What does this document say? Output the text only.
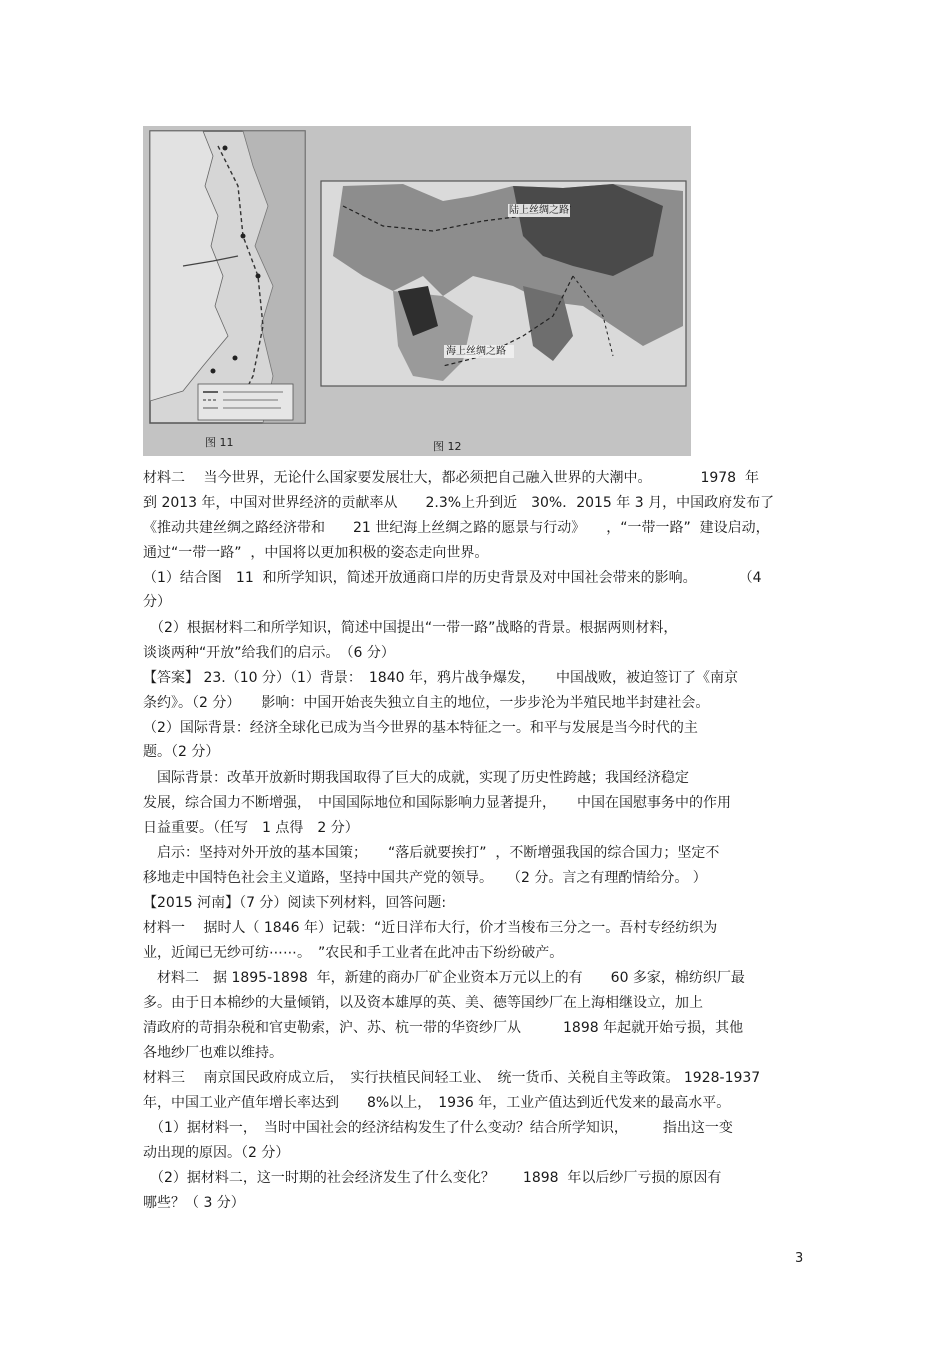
陆上丝绸之路
海上丝绸之路
图 11	图 12
材料二　 当今世界，无论什么国家要发展壮大，都必须把自己融入世界的大潮中。　　　　1978  年
到 2013 年，中国对世界经济的贡献率从　　2.3%上升到近　30%．2015 年 3 月，中国政府发布了
《推动共建丝绸之路经济带和　　21 世纪海上丝绸之路的愿景与行动》　　，“一带一路”  建设启动，
通过“一带一路”  ，中国将以更加积极的姿态走向世界。
（1）结合图　11  和所学知识，简述开放通商口岸的历史背景及对中国社会带来的影响。　　　　（4
分）
　（2）根据材料二和所学知识，简述中国提出“一带一路”战略的背景。根据两则材料，
谈谈两种“开放”给我们的启示。　（6 分）
【答案】 23.（10 分）（1）背景：　1840 年，鸦片战争爆发，　　中国战败，被迫签订了《南京
条约》。（2 分）　　影响：中国开始丧失独立自主的地位，一步步沦为半殖民地半封建社会。
（2）国际背景：经济全球化已成为当今世界的基本特征之一。和平与发展是当今时代的主
题。（2 分）
　国际背景：改革开放新时期我国取得了巨大的成就，实现了历史性跨越；我国经济稳定
发展，综合国力不断增强，　中国国际地位和国际影响力显著提升，　　中国在国慰事务中的作用
日益重要。（任写　1 点得　2 分）
　启示：坚持对外开放的基本国策；　　“落后就要挨打”  ，不断增强我国的综合国力；坚定不
移地走中国特色社会主义道路，坚持中国共产党的领导。　　（2 分。言之有理酌情给分。 ）
【2015 河南】（7 分）阅读下列材料，回答问题:
材料一　 据时人（ 1846 年）记载：“近日洋布大行，价才当梭布三分之一。吾村专经纺织为
业，近闻已无纱可纺⋯⋯。　”农民和手工业者在此冲击下纷纷破产。
　材料二　据 1895-1898  年，新建的商办厂矿企业资本万元以上的有　　60 多家，棉纺织厂最
多。由于日本棉纱的大量倾销，以及资本雄厚的英、美、德等国纱厂在上海相继设立，加上
清政府的苛捐杂税和官吏勒索，沪、苏、杭一带的华资纱厂从　　　1898 年起就开始亏损，其他
各地纱厂也难以维持。
材料三　 南京国民政府成立后，　实行扶植民间轻工业、　统一货币、关税自主等政策。 1928-1937
年，中国工业产值年增长率达到　　8%以上，　1936 年，工业产值达到近代发来的最高水平。
　（1）据材料一，　当时中国社会的经济结构发生了什么变动？结合所学知识，　　　指出这一变
动出现的原因。（2 分）
　（2）据材料二，这一时期的社会经济发生了什么变化？　　1898  年以后纱厂亏损的原因有
哪些？（ 3 分）
3
